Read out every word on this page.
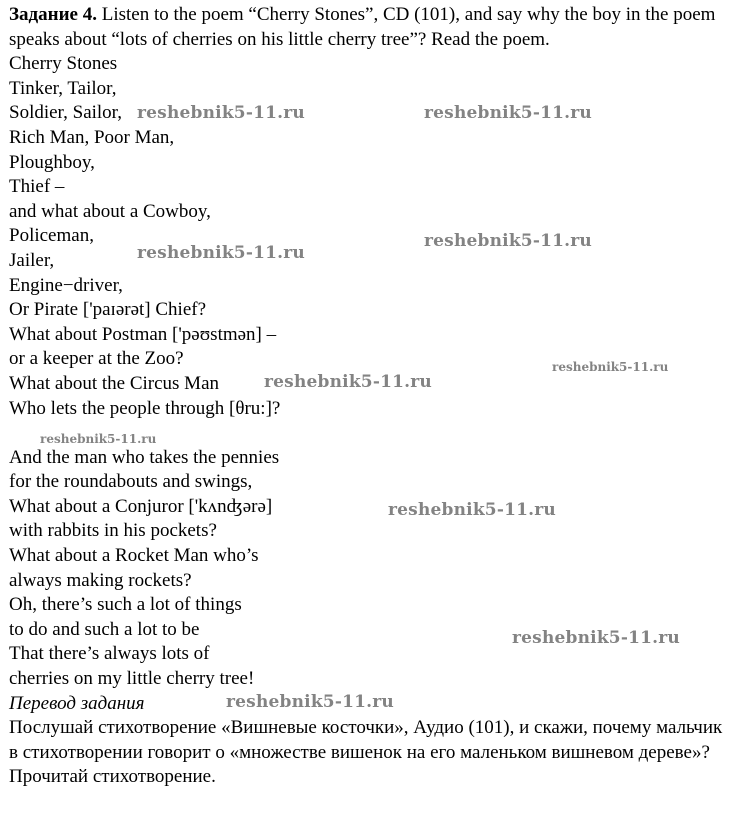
Задание 4. Listen to the poem “Cherry Stones”, CD (101), and say why the boy in the poem speaks about “lots of cherries on his little cherry tree”? Read the poem.

Cherry Stones
Tinker, Tailor,
Soldier, Sailor,
Rich Man, Poor Man,
Ploughboy,
Thief –
and what about a Cowboy,
Policeman,
Jailer,
Engine−driver,
Or Pirate ['paɪərət] Chief?
What about Postman ['pəʊstmən] –
or a keeper at the Zoo?
What about the Circus Man
Who lets the people through [θru:]?
And the man who takes the pennies
for the roundabouts and swings,
What about a Conjuror ['kʌnʤərə]
with rabbits in his pockets?
What about a Rocket Man who’s
always making rockets?
Oh, there’s such a lot of things
to do and such a lot to be
That there’s always lots of
cherries on my little cherry tree!
Перевод задания

Послушай стихотворение «Вишневые косточки», Аудио (101), и скажи, почему мальчик в стихотворении говорит о «множестве вишенок на его маленьком вишневом дереве»? Прочитай стихотворение.

reshebnik5-11.ru	reshebnik5-11.ru
reshebnik5-11.ru
reshebnik5-11.ru
reshebnik5-11.ru
reshebnik5-11.ru
reshebnik5-11.ru
reshebnik5-11.ru
reshebnik5-11.ru
reshebnik5-11.ru
